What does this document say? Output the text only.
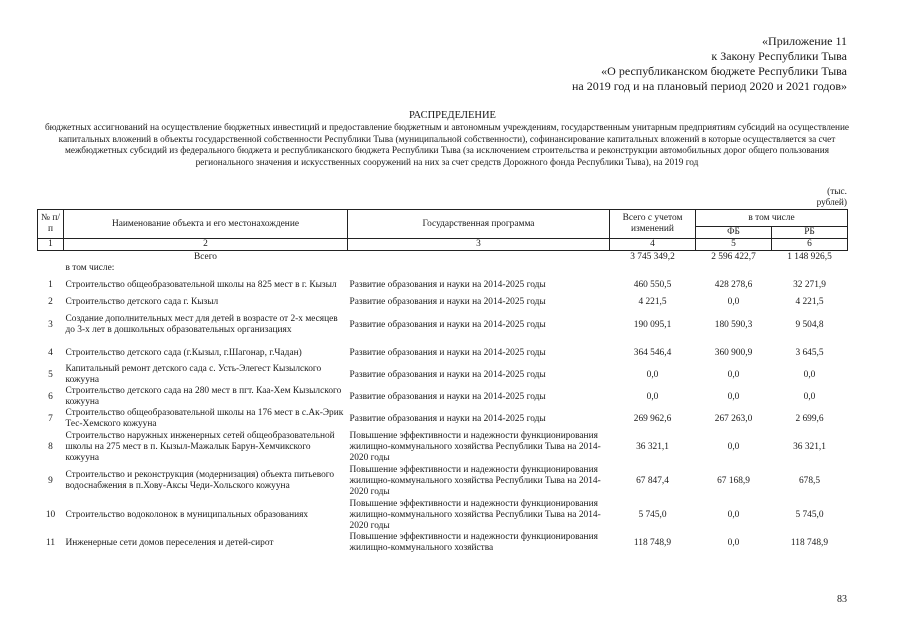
«Приложение 11
к Закону Республики Тыва
«О республиканском бюджете Республики Тыва
на 2019 год и на плановый период 2020 и 2021 годов»
РАСПРЕДЕЛЕНИЕ
бюджетных ассигнований на осуществление бюджетных инвестиций и предоставление бюджетным и автономным учреждениям, государственным унитарным предприятиям субсидий на осуществление капитальных вложений в объекты государственной собственности Республики Тыва (муниципальной собственности), софинансирование капитальных вложений в которые осуществляется за счет межбюджетных субсидий из федерального бюджета и республиканского бюджета Республики Тыва (за исключением строительства и реконструкции автомобильных дорог общего пользования регионального значения и искусственных сооружений на них за счет средств Дорожного фонда Республики Тыва), на 2019 год
(тыс. рублей)
№ п/п	Наименование объекта и его местонахождение	Государственная программа	Всего с учетом изменений	в том числе	
				ФБ	РБ
1	2	3	4	5	6
	Всего		3 745 349,2	2 596 422,7	1 148 926,5
	в том числе:				
1	Строительство общеобразовательной школы на 825 мест в г. Кызыл	Развитие образования и науки на 2014-2025 годы	460 550,5	428 278,6	32 271,9
2	Строительство детского сада г. Кызыл	Развитие образования и науки на 2014-2025 годы	4 221,5	0,0	4 221,5
3	Создание дополнительных мест для детей в возрасте от 2-х месяцев до 3-х лет в дошкольных образовательных организациях	Развитие образования и науки на 2014-2025 годы	190 095,1	180 590,3	9 504,8
4	Строительство детского сада (г.Кызыл, г.Шагонар, г.Чадан)	Развитие образования и науки на 2014-2025 годы	364 546,4	360 900,9	3 645,5
5	Капитальный ремонт детского сада с. Усть-Элегест Кызылского кожууна	Развитие образования и науки на 2014-2025 годы	0,0	0,0	0,0
6	Строительство детского сада на 280 мест в пгт. Каа-Хем Кызылского кожууна	Развитие образования и науки на 2014-2025 годы	0,0	0,0	0,0
7	Строительство общеобразовательной школы на 176 мест в с.Ак-Эрик Тес-Хемского кожууна	Развитие образования и науки на 2014-2025 годы	269 962,6	267 263,0	2 699,6
8	Строительство наружных инженерных сетей общеобразовательной школы на 275 мест в п. Кызыл-Мажалык Барун-Хемчикского кожууна	Повышение эффективности и надежности функционирования жилищно-коммунального хозяйства Республики Тыва на 2014-2020 годы	36 321,1	0,0	36 321,1
9	Строительство и реконструкция (модернизация) объекта питьевого водоснабжения в п.Хову-Аксы Чеди-Хольского кожууна	Повышение эффективности и надежности функционирования жилищно-коммунального хозяйства Республики Тыва на 2014-2020 годы	67 847,4	67 168,9	678,5
10	Строительство водоколонок в муниципальных образованиях	Повышение эффективности и надежности функционирования жилищно-коммунального хозяйства Республики Тыва на 2014-2020 годы	5 745,0	0,0	5 745,0
11	Инженерные сети домов переселения и детей-сирот	Повышение эффективности и надежности функционирования жилищно-коммунального хозяйства	118 748,9	0,0	118 748,9
83
